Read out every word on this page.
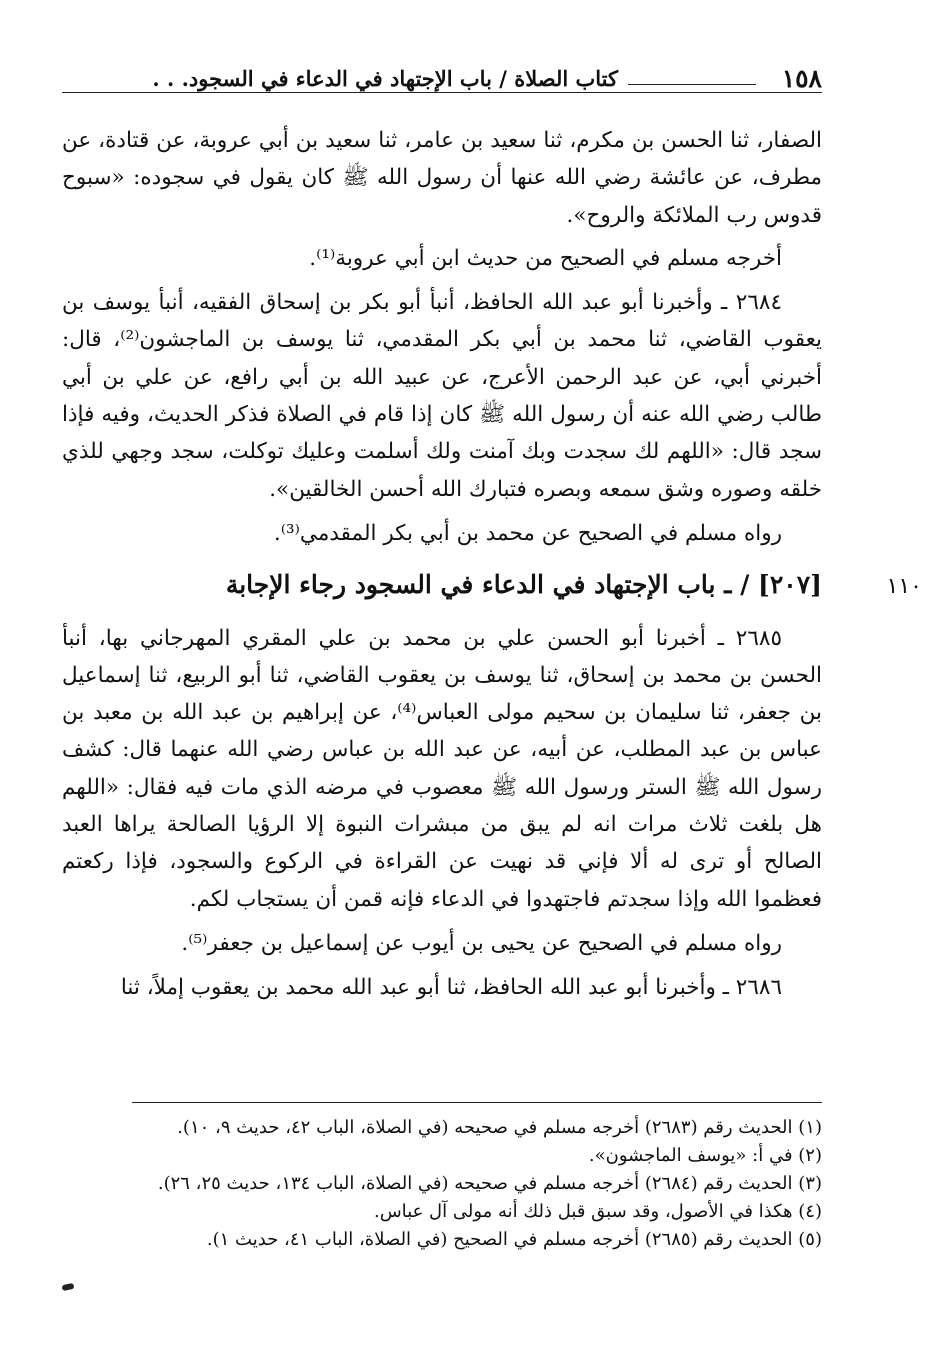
١٥٨
كتاب الصلاة / باب الإجتهاد في الدعاء في السجود. . .

الصفار، ثنا الحسن بن مكرم، ثنا سعيد بن عامر، ثنا سعيد بن أبي عروبة، عن قتادة، عن مطرف، عن عائشة رضي الله عنها أن رسول الله ﷺ كان يقول في سجوده: «سبوح قدوس رب الملائكة والروح».

أخرجه مسلم في الصحيح من حديث ابن أبي عروبة⁽¹⁾.

٢٦٨٤ ـ وأخبرنا أبو عبد الله الحافظ، أنبأ أبو بكر بن إسحاق الفقيه، أنبأ يوسف بن يعقوب القاضي، ثنا محمد بن أبي بكر المقدمي، ثنا يوسف بن الماجشون⁽²⁾، قال: أخبرني أبي، عن عبد الرحمن الأعرج، عن عبيد الله بن أبي رافع، عن علي بن أبي طالب رضي الله عنه أن رسول الله ﷺ كان إذا قام في الصلاة فذكر الحديث، وفيه فإذا سجد قال: «اللهم لك سجدت وبك آمنت ولك أسلمت وعليك توكلت، سجد وجهي للذي خلقه وصوره وشق سمعه وبصره فتبارك الله أحسن الخالقين».

رواه مسلم في الصحيح عن محمد بن أبي بكر المقدمي⁽³⁾.

[٢٠٧] / ـ باب الإجتهاد في الدعاء في السجود رجاء الإجابة	١١٠

٢٦٨٥ ـ أخبرنا أبو الحسن علي بن محمد بن علي المقري المهرجاني بها، أنبأ الحسن بن محمد بن إسحاق، ثنا يوسف بن يعقوب القاضي، ثنا أبو الربيع، ثنا إسماعيل بن جعفر، ثنا سليمان بن سحيم مولى العباس⁽⁴⁾، عن إبراهيم بن عبد الله بن معبد بن عباس بن عبد المطلب، عن أبيه، عن عبد الله بن عباس رضي الله عنهما قال: كشف رسول الله ﷺ الستر ورسول الله ﷺ معصوب في مرضه الذي مات فيه فقال: «اللهم هل بلغت ثلاث مرات انه لم يبق من مبشرات النبوة إلا الرؤيا الصالحة يراها العبد الصالح أو ترى له ألا فإني قد نهيت عن القراءة في الركوع والسجود، فإذا ركعتم فعظموا الله وإذا سجدتم فاجتهدوا في الدعاء فإنه قمن أن يستجاب لكم.

رواه مسلم في الصحيح عن يحيى بن أيوب عن إسماعيل بن جعفر⁽⁵⁾.

٢٦٨٦ ـ وأخبرنا أبو عبد الله الحافظ، ثنا أبو عبد الله محمد بن يعقوب إملاً، ثنا

(١) الحديث رقم (٢٦٨٣) أخرجه مسلم في صحيحه (في الصلاة، الباب ٤٢، حديث ٩، ١٠).

(٢) في أ: «يوسف الماجشون».

(٣) الحديث رقم (٢٦٨٤) أخرجه مسلم في صحيحه (في الصلاة، الباب ١٣٤، حديث ٢٥، ٢٦).

(٤) هكذا في الأصول، وقد سبق قبل ذلك أنه مولى آل عباس.

(٥) الحديث رقم (٢٦٨٥) أخرجه مسلم في الصحيح (في الصلاة، الباب ٤١، حديث ١).
